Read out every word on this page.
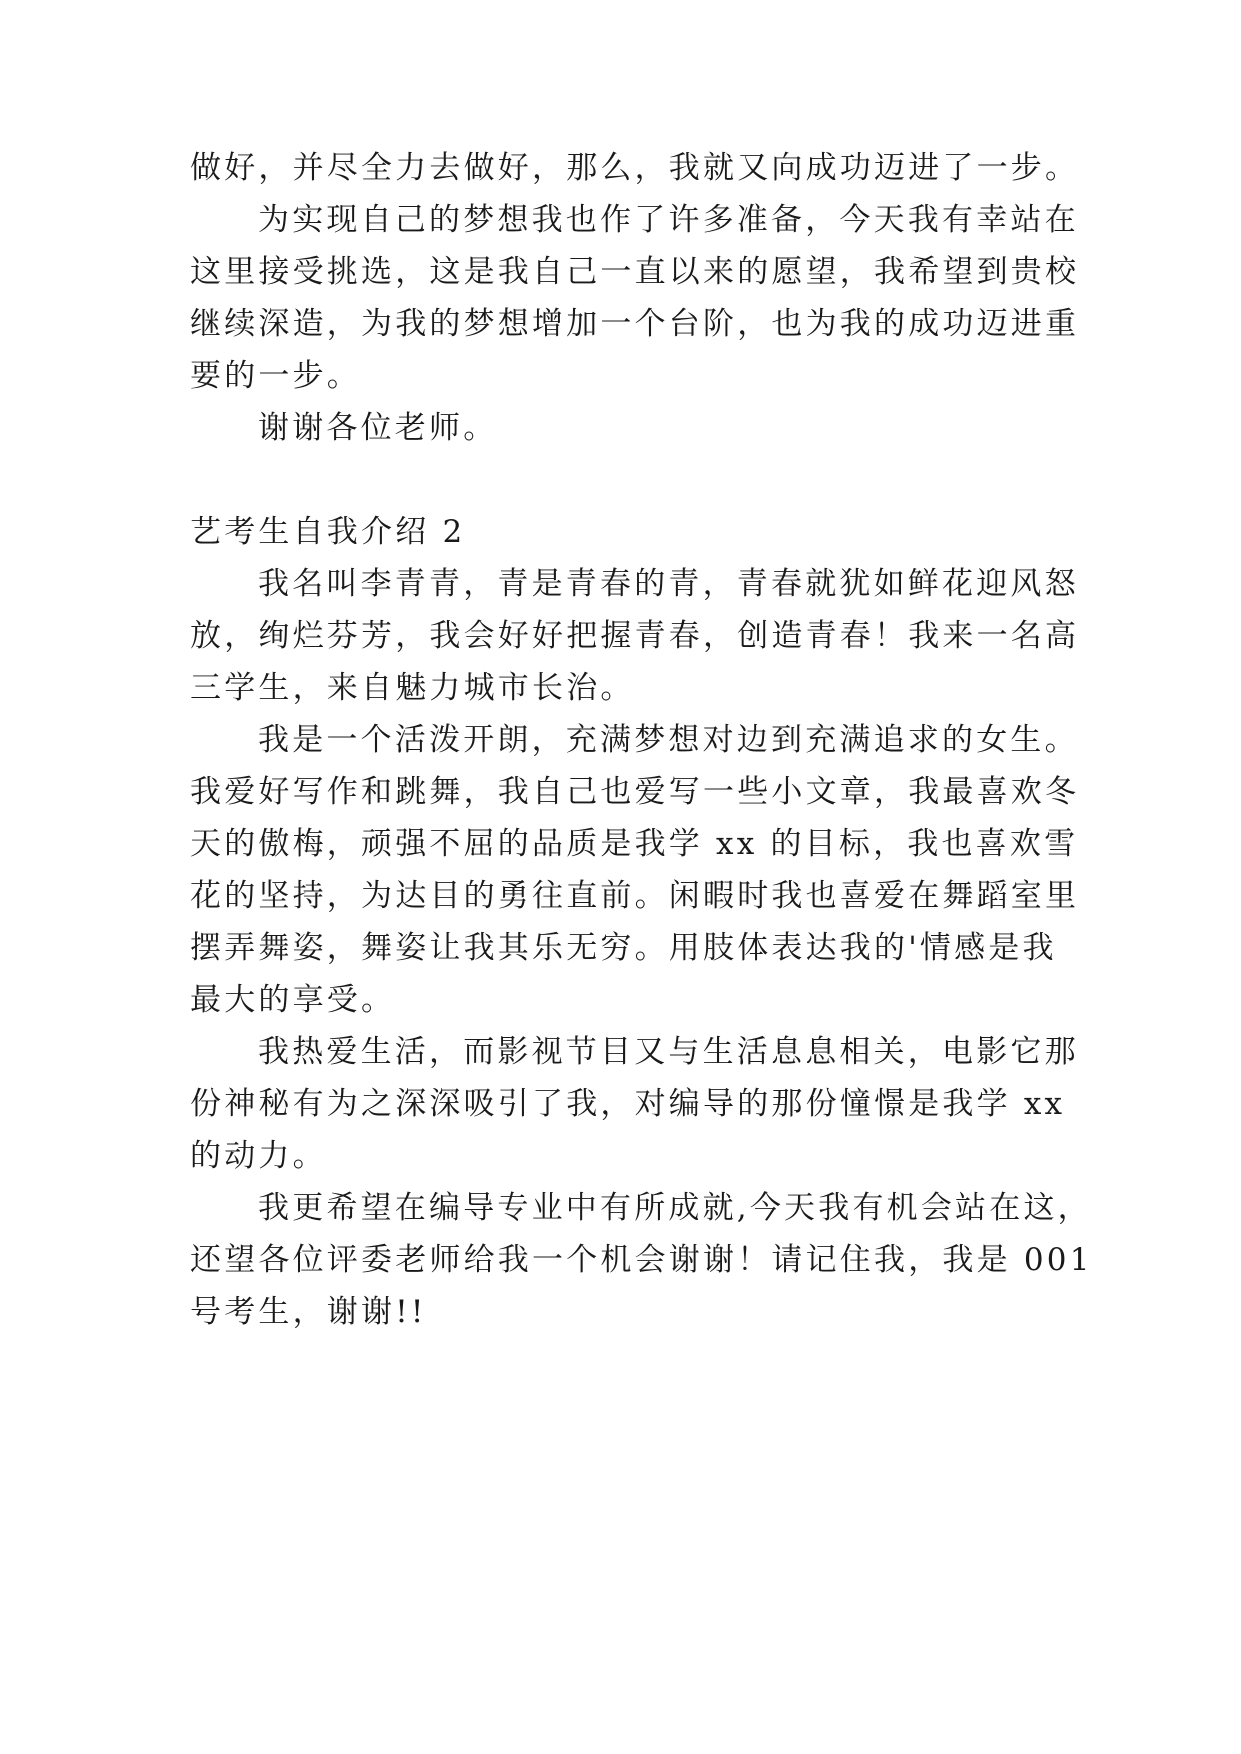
做好，并尽全力去做好，那么，我就又向成功迈进了一步。
为实现自己的梦想我也作了许多准备，今天我有幸站在
这里接受挑选，这是我自己一直以来的愿望，我希望到贵校
继续深造，为我的梦想增加一个台阶，也为我的成功迈进重
要的一步。
谢谢各位老师。
艺考生自我介绍 2
我名叫李青青，青是青春的青，青春就犹如鲜花迎风怒
放，绚烂芬芳，我会好好把握青春，创造青春！我来一名高
三学生，来自魅力城市长治。
我是一个活泼开朗，充满梦想对边到充满追求的女生。
我爱好写作和跳舞，我自己也爱写一些小文章，我最喜欢冬
天的傲梅，顽强不屈的品质是我学 xx 的目标，我也喜欢雪
花的坚持，为达目的勇往直前。闲暇时我也喜爱在舞蹈室里
摆弄舞姿，舞姿让我其乐无穷。用肢体表达我的'情感是我
最大的享受。
我热爱生活，而影视节目又与生活息息相关，电影它那
份神秘有为之深深吸引了我，对编导的那份憧憬是我学 xx
的动力。
我更希望在编导专业中有所成就,今天我有机会站在这，
还望各位评委老师给我一个机会谢谢！请记住我，我是 001
号考生，谢谢!!
